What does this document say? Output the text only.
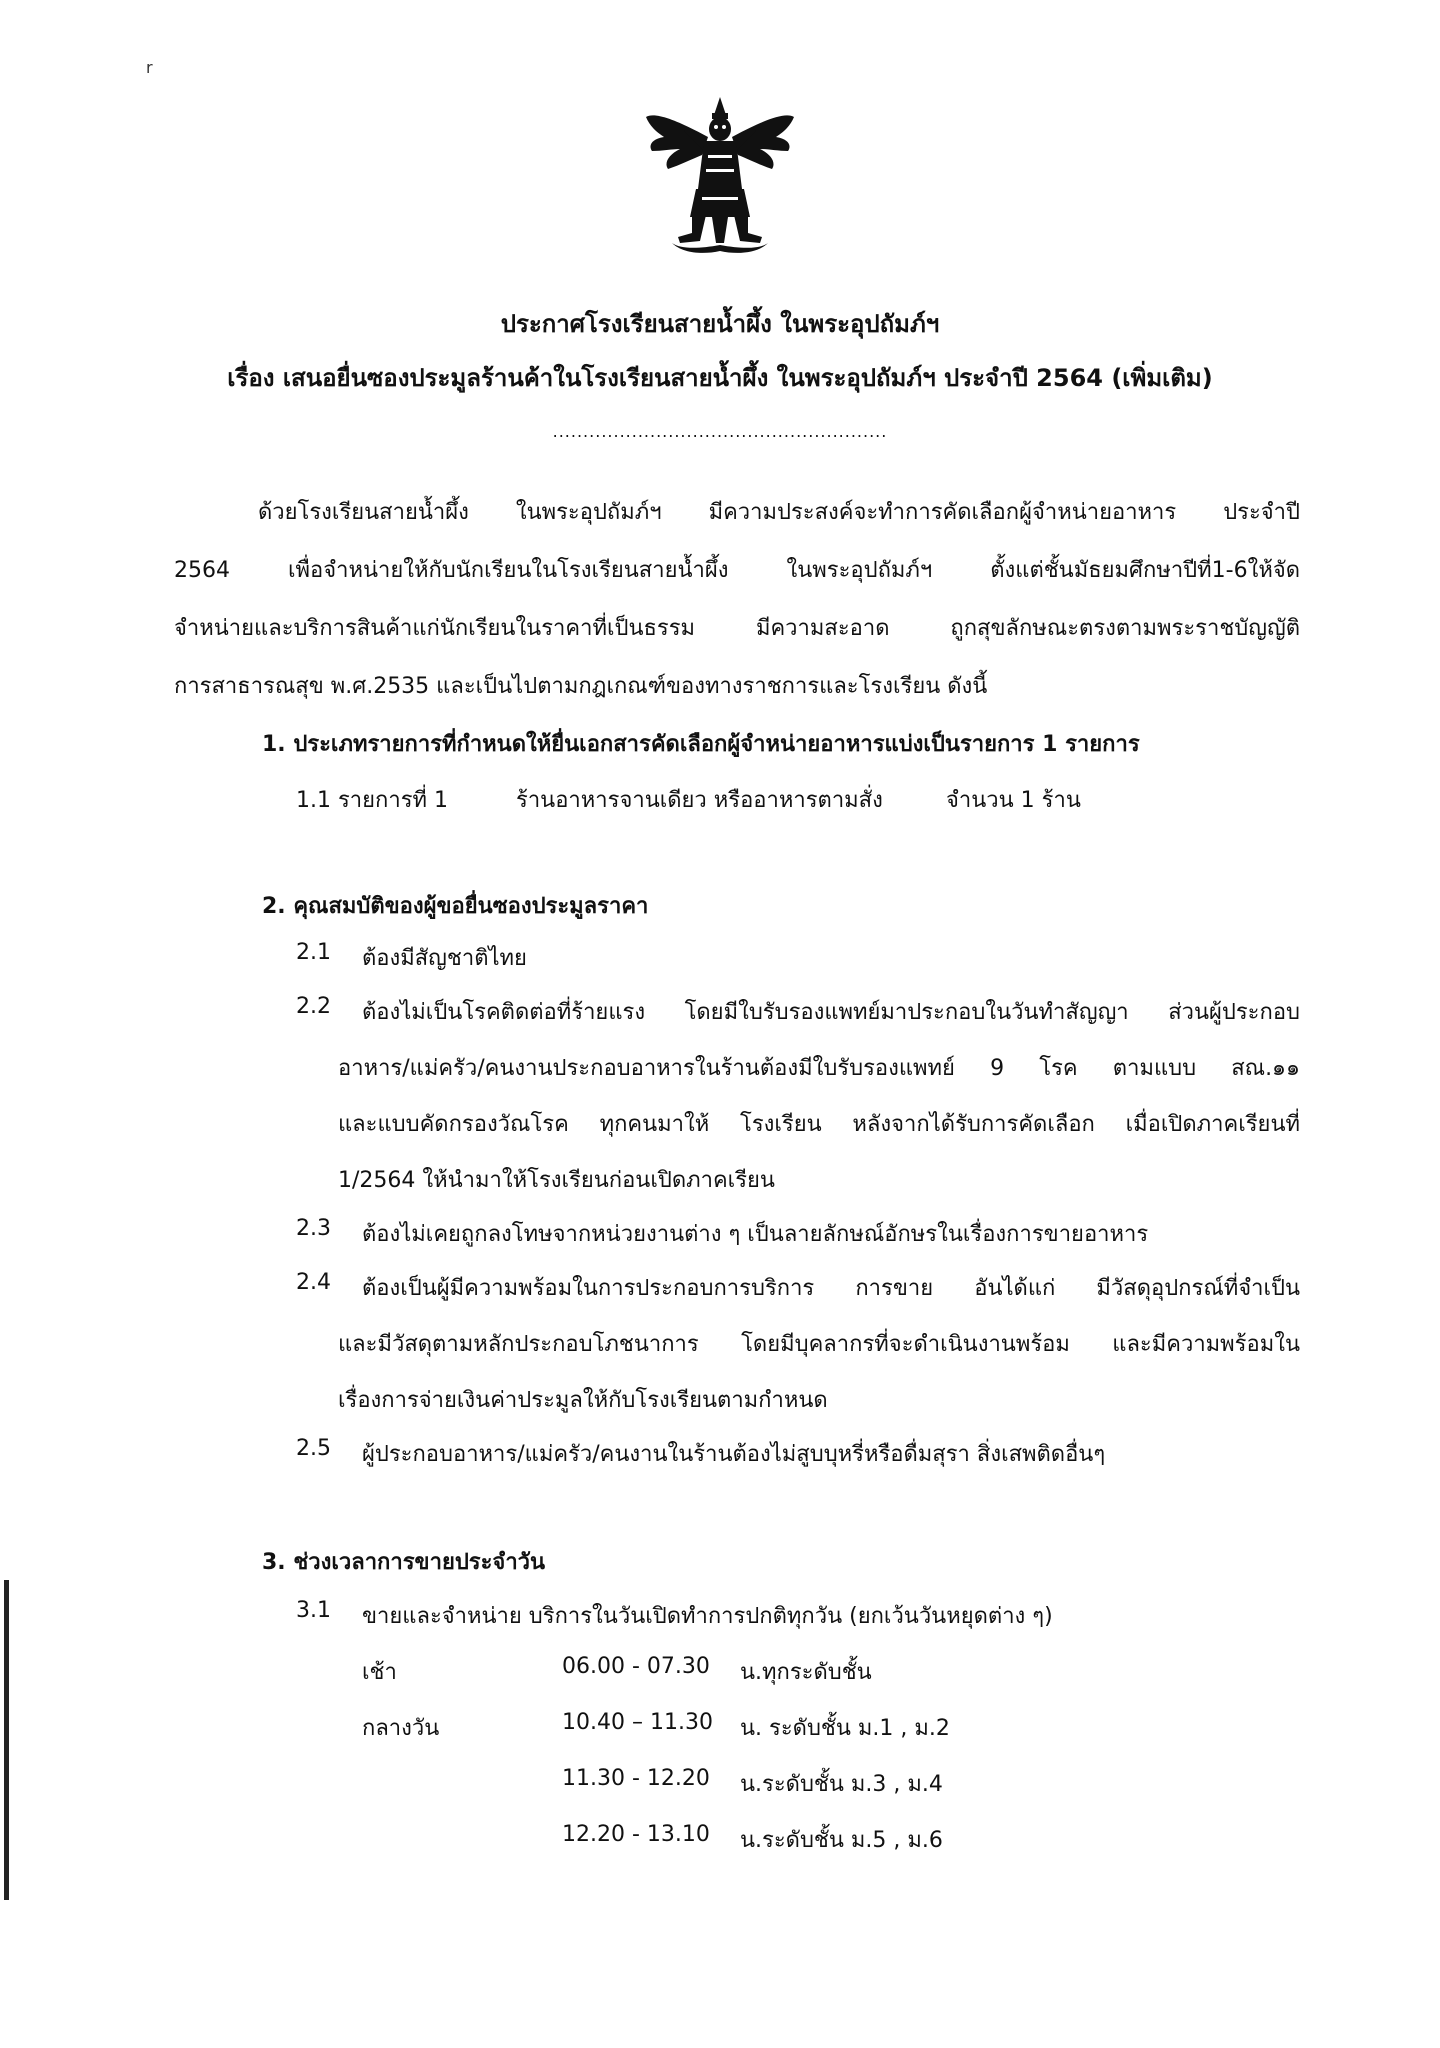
r
ประกาศโรงเรียนสายน้ำผึ้ง ในพระอุปถัมภ์ฯ
เรื่อง เสนอยื่นซองประมูลร้านค้าในโรงเรียนสายน้ำผึ้ง ในพระอุปถัมภ์ฯ ประจำปี 2564 (เพิ่มเติม)
.......................................................
ด้วยโรงเรียนสายน้ำผึ้ง ในพระอุปถัมภ์ฯ มีความประสงค์จะทำการคัดเลือกผู้จำหน่ายอาหาร ประจำปี
2564 เพื่อจำหน่ายให้กับนักเรียนในโรงเรียนสายน้ำผึ้ง ในพระอุปถัมภ์ฯ ตั้งแต่ชั้นมัธยมศึกษาปีที่1-6ให้จัด
จำหน่ายและบริการสินค้าแก่นักเรียนในราคาที่เป็นธรรม มีความสะอาด ถูกสุขลักษณะตรงตามพระราชบัญญัติ
การสาธารณสุข พ.ศ.2535 และเป็นไปตามกฎเกณฑ์ของทางราชการและโรงเรียน ดังนี้
1. ประเภทรายการที่กำหนดให้ยื่นเอกสารคัดเลือกผู้จำหน่ายอาหารแบ่งเป็นรายการ 1 รายการ
1.1 รายการที่ 1	ร้านอาหารจานเดียว หรืออาหารตามสั่ง	จำนวน 1 ร้าน
2. คุณสมบัติของผู้ขอยื่นซองประมูลราคา
2.1 ต้องมีสัญชาติไทย
2.2 ต้องไม่เป็นโรคติดต่อที่ร้ายแรง โดยมีใบรับรองแพทย์มาประกอบในวันทำสัญญา ส่วนผู้ประกอบ
อาหาร/แม่ครัว/คนงานประกอบอาหารในร้านต้องมีใบรับรองแพทย์ 9 โรค ตามแบบ สณ.๑๑
และแบบคัดกรองวัณโรค ทุกคนมาให้ โรงเรียน หลังจากได้รับการคัดเลือก เมื่อเปิดภาคเรียนที่
1/2564 ให้นำมาให้โรงเรียนก่อนเปิดภาคเรียน
2.3 ต้องไม่เคยถูกลงโทษจากหน่วยงานต่าง ๆ เป็นลายลักษณ์อักษรในเรื่องการขายอาหาร
2.4 ต้องเป็นผู้มีความพร้อมในการประกอบการบริการ การขาย อันได้แก่ มีวัสดุอุปกรณ์ที่จำเป็น
และมีวัสดุตามหลักประกอบโภชนาการ โดยมีบุคลากรที่จะดำเนินงานพร้อม และมีความพร้อมใน
เรื่องการจ่ายเงินค่าประมูลให้กับโรงเรียนตามกำหนด
2.5 ผู้ประกอบอาหาร/แม่ครัว/คนงานในร้านต้องไม่สูบบุหรี่หรือดื่มสุรา สิ่งเสพติดอื่นๆ
3. ช่วงเวลาการขายประจำวัน
3.1 ขายและจำหน่าย บริการในวันเปิดทำการปกติทุกวัน (ยกเว้นวันหยุดต่าง ๆ)
เช้า	06.00 - 07.30 น.ทุกระดับชั้น
กลางวัน	10.40 – 11.30 น. ระดับชั้น ม.1 , ม.2
11.30 - 12.20 น.ระดับชั้น ม.3 , ม.4
12.20 - 13.10 น.ระดับชั้น ม.5 , ม.6
